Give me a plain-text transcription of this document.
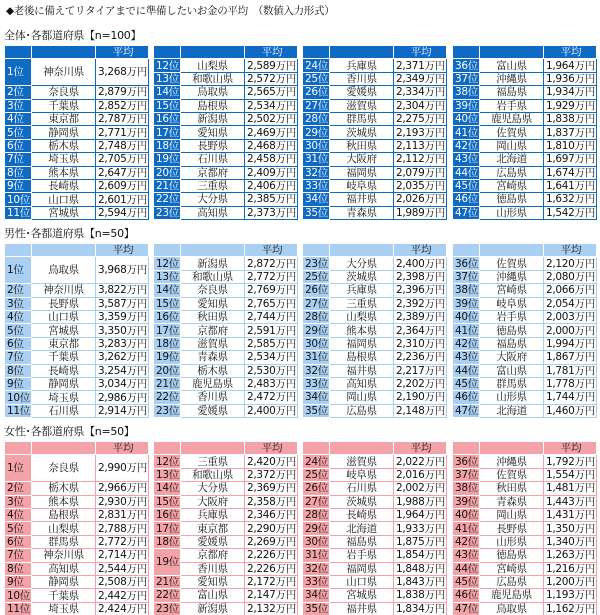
◆老後に備えてリタイアまでに準備したいお金の平均　（数値入力形式）
全体･各都道府県【n=100】
男性･各都道府県【n=50】
女性･各都道府県【n=50】
		平均
1位	神奈川県	3,268万円
2位	奈良県	2,879万円
3位	千葉県	2,852万円
4位	東京都	2,787万円
5位	静岡県	2,771万円
6位	栃木県	2,748万円
7位	埼玉県	2,705万円
8位	熊本県	2,647万円
9位	長崎県	2,609万円
10位	山口県	2,601万円
11位	宮城県	2,594万円
		平均
12位	山梨県	2,589万円
13位	和歌山県	2,572万円
14位	鳥取県	2,565万円
15位	島根県	2,534万円
16位	新潟県	2,502万円
17位	愛知県	2,469万円
18位	長野県	2,468万円
19位	石川県	2,458万円
20位	京都府	2,409万円
21位	三重県	2,406万円
22位	大分県	2,385万円
23位	高知県	2,373万円
		平均
24位	兵庫県	2,371万円
25位	香川県	2,349万円
26位	愛媛県	2,334万円
27位	滋賀県	2,304万円
28位	群馬県	2,275万円
29位	茨城県	2,193万円
30位	秋田県	2,113万円
31位	大阪府	2,112万円
32位	福岡県	2,079万円
33位	岐阜県	2,035万円
34位	福井県	2,026万円
35位	青森県	1,989万円
		平均
36位	富山県	1,964万円
37位	沖縄県	1,936万円
38位	福島県	1,934万円
39位	岩手県	1,929万円
40位	鹿児島県	1,838万円
41位	佐賀県	1,837万円
42位	岡山県	1,810万円
43位	北海道	1,697万円
44位	広島県	1,674万円
45位	宮崎県	1,641万円
46位	徳島県	1,632万円
47位	山形県	1,542万円
		平均
1位	鳥取県	3,968万円
2位	神奈川県	3,822万円
3位	長野県	3,587万円
4位	山口県	3,359万円
5位	宮城県	3,350万円
6位	東京都	3,283万円
7位	千葉県	3,262万円
8位	長崎県	3,254万円
9位	静岡県	3,034万円
10位	埼玉県	2,986万円
11位	石川県	2,914万円
		平均
12位	新潟県	2,872万円
13位	和歌山県	2,772万円
14位	奈良県	2,769万円
15位	愛知県	2,765万円
16位	秋田県	2,744万円
17位	京都府	2,591万円
18位	滋賀県	2,585万円
19位	青森県	2,534万円
20位	栃木県	2,530万円
21位	鹿児島県	2,483万円
22位	香川県	2,472万円
23位	愛媛県	2,400万円
		平均
23位	大分県	2,400万円
25位	茨城県	2,398万円
26位	兵庫県	2,396万円
27位	三重県	2,392万円
28位	山梨県	2,389万円
29位	熊本県	2,364万円
30位	福岡県	2,310万円
31位	島根県	2,236万円
32位	福井県	2,217万円
33位	高知県	2,202万円
34位	岡山県	2,190万円
35位	広島県	2,148万円
		平均
36位	佐賀県	2,120万円
37位	沖縄県	2,080万円
38位	宮崎県	2,066万円
39位	岐阜県	2,054万円
40位	岩手県	2,003万円
41位	徳島県	2,000万円
42位	福島県	1,994万円
43位	大阪府	1,867万円
44位	富山県	1,781万円
45位	群馬県	1,778万円
46位	山形県	1,744万円
47位	北海道	1,460万円
		平均
1位	奈良県	2,990万円
2位	栃木県	2,966万円
3位	熊本県	2,930万円
4位	島根県	2,831万円
5位	山梨県	2,788万円
6位	群馬県	2,772万円
7位	神奈川県	2,714万円
8位	高知県	2,544万円
9位	静岡県	2,508万円
10位	千葉県	2,442万円
11位	埼玉県	2,424万円
		平均
12位	三重県	2,420万円
13位	和歌山県	2,372万円
14位	大分県	2,369万円
15位	大阪府	2,358万円
16位	兵庫県	2,346万円
17位	東京都	2,290万円
18位	愛媛県	2,269万円
19位	京都府	2,226万円
	香川県	2,226万円
21位	愛知県	2,172万円
22位	富山県	2,147万円
23位	新潟県	2,132万円
		平均
24位	滋賀県	2,022万円
25位	岐阜県	2,016万円
26位	石川県	2,002万円
27位	茨城県	1,988万円
28位	長崎県	1,964万円
29位	北海道	1,933万円
30位	福島県	1,875万円
31位	岩手県	1,854万円
32位	福岡県	1,848万円
33位	山口県	1,843万円
34位	宮城県	1,838万円
35位	福井県	1,834万円
		平均
36位	沖縄県	1,792万円
37位	佐賀県	1,554万円
38位	秋田県	1,481万円
39位	青森県	1,443万円
40位	岡山県	1,431万円
41位	長野県	1,350万円
42位	山形県	1,340万円
43位	徳島県	1,263万円
44位	宮崎県	1,216万円
45位	広島県	1,200万円
46位	鹿児島県	1,193万円
47位	鳥取県	1,162万円
